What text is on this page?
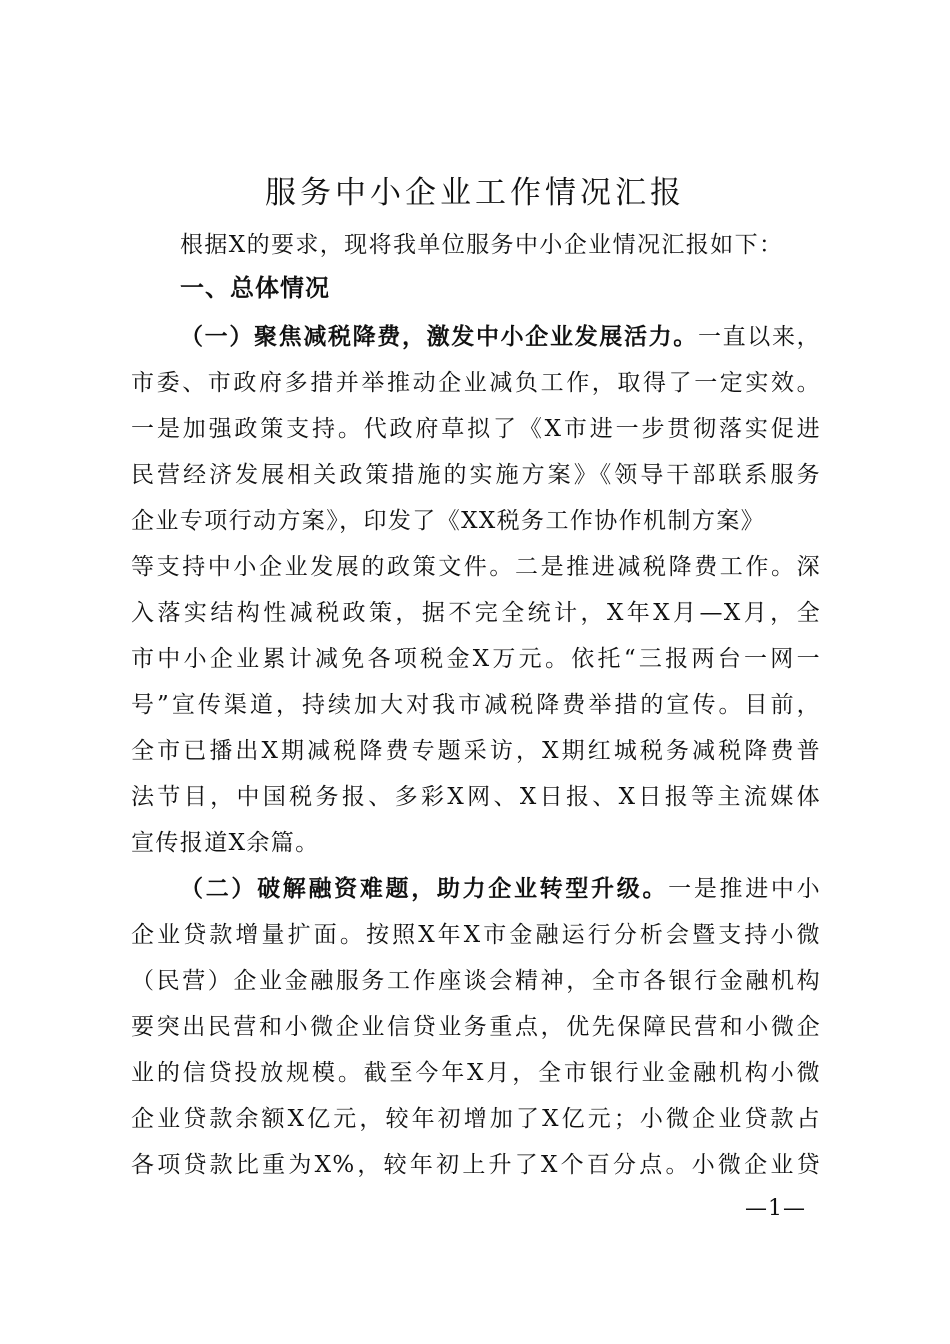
服务中小企业工作情况汇报
根据X的要求，现将我单位服务中小企业情况汇报如下：
一、总体情况
（一）聚焦减税降费，激发中小企业发展活力。一直以来，
市委、市政府多措并举推动企业减负工作，取得了一定实效。
一是加强政策支持。代政府草拟了《X市进一步贯彻落实促进
民营经济发展相关政策措施的实施方案》《领导干部联系服务
企业专项行动方案》，印发了《XX税务工作协作机制方案》
等支持中小企业发展的政策文件。二是推进减税降费工作。深
入落实结构性减税政策，据不完全统计，X年X月—X月，全
市中小企业累计减免各项税金X万元。依托“三报两台一网一
号”宣传渠道，持续加大对我市减税降费举措的宣传。目前，
全市已播出X期减税降费专题采访，X期红城税务减税降费普
法节目，中国税务报、多彩X网、X日报、X日报等主流媒体
宣传报道X余篇。
（二）破解融资难题，助力企业转型升级。一是推进中小
企业贷款增量扩面。按照X年X市金融运行分析会暨支持小微
（民营）企业金融服务工作座谈会精神，全市各银行金融机构
要突出民营和小微企业信贷业务重点，优先保障民营和小微企
业的信贷投放规模。截至今年X月，全市银行业金融机构小微
企业贷款余额X亿元，较年初增加了X亿元；小微企业贷款占
各项贷款比重为X%，较年初上升了X个百分点。小微企业贷
—1—
